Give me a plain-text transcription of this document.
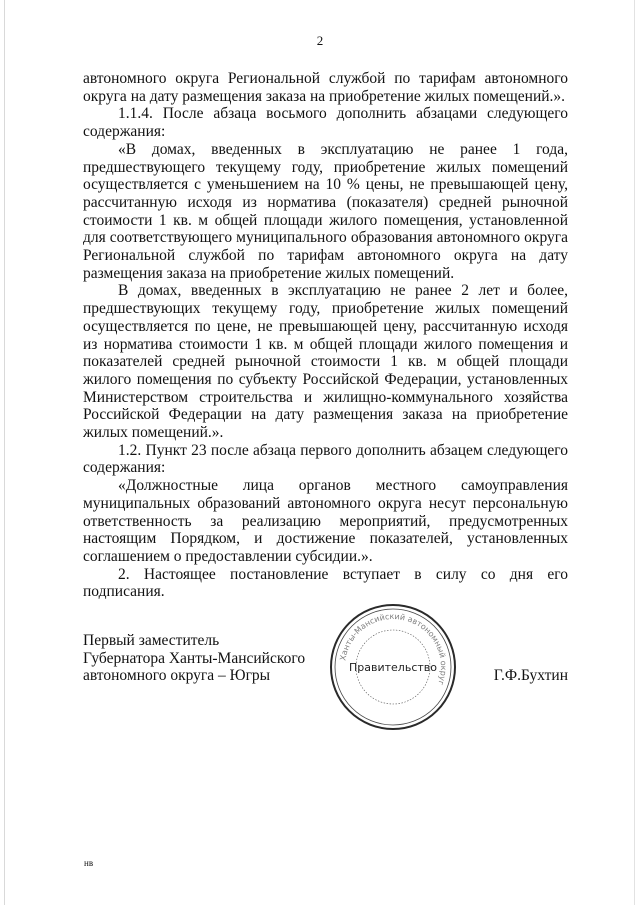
2

автономного округа Региональной службой по тарифам автономного округа на дату размещения заказа на приобретение жилых помещений.».

1.1.4. После абзаца восьмого дополнить абзацами следующего содержания:

«В домах, введенных в эксплуатацию не ранее 1 года, предшествующего текущему году, приобретение жилых помещений осуществляется с уменьшением на 10 % цены, не превышающей цену, рассчитанную исходя из норматива (показателя) средней рыночной стоимости 1 кв. м общей площади жилого помещения, установленной для соответствующего муниципального образования автономного округа Региональной службой по тарифам автономного округа на дату размещения заказа на приобретение жилых помещений.

В домах, введенных в эксплуатацию не ранее 2 лет и более, предшествующих текущему году, приобретение жилых помещений осуществляется по цене, не превышающей цену, рассчитанную исходя из норматива стоимости 1 кв. м общей площади жилого помещения и показателей средней рыночной стоимости 1 кв. м общей площади жилого помещения по субъекту Российской Федерации, установленных Министерством строительства и жилищно-коммунального хозяйства Российской Федерации на дату размещения заказа на приобретение жилых помещений.».

1.2. Пункт 23 после абзаца первого дополнить абзацем следующего содержания:

«Должностные лица органов местного самоуправления муниципальных образований автономного округа несут персональную ответственность за реализацию мероприятий, предусмотренных настоящим Порядком, и достижение показателей, установленных соглашением о предоставлении субсидии.».

2. Настоящее постановление вступает в силу со дня его подписания.

Первый заместитель
Губернатора Ханты-Мансийского
автономного округа – Югры	Г.Ф.Бухтин
Ханты-Мансийский автономный округ
Правительство
нв
